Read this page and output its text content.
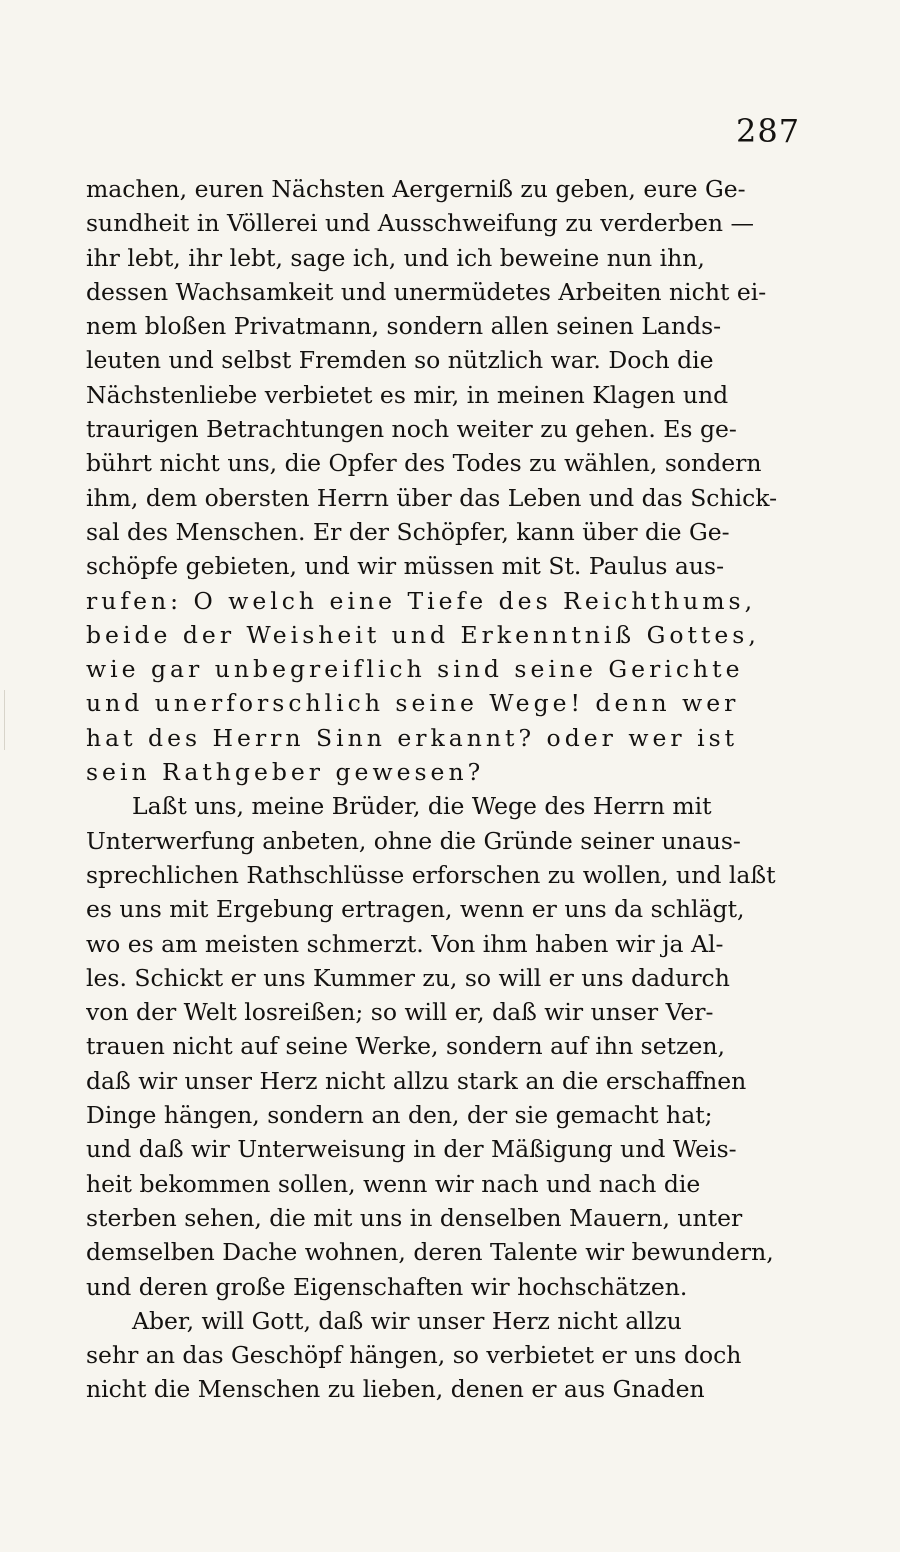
287
machen, euren Nächsten Aergerniß zu geben, eure Ge-
sundheit in Völlerei und Ausschweifung zu verderben —
ihr lebt, ihr lebt, sage ich, und ich beweine nun ihn,
dessen Wachsamkeit und unermüdetes Arbeiten nicht ei-
nem bloßen Privatmann, sondern allen seinen Lands-
leuten und selbst Fremden so nützlich war. Doch die
Nächstenliebe verbietet es mir, in meinen Klagen und
traurigen Betrachtungen noch weiter zu gehen. Es ge-
bührt nicht uns, die Opfer des Todes zu wählen, sondern
ihm, dem obersten Herrn über das Leben und das Schick-
sal des Menschen. Er der Schöpfer, kann über die Ge-
schöpfe gebieten, und wir müssen mit St. Paulus aus-
rufen: O welch eine Tiefe des Reichthums,
beide der Weisheit und Erkenntniß Gottes,
wie gar unbegreiflich sind seine Gerichte
und unerforschlich seine Wege! denn wer
hat des Herrn Sinn erkannt? oder wer ist
sein Rathgeber gewesen?
Laßt uns, meine Brüder, die Wege des Herrn mit
Unterwerfung anbeten, ohne die Gründe seiner unaus-
sprechlichen Rathschlüsse erforschen zu wollen, und laßt
es uns mit Ergebung ertragen, wenn er uns da schlägt,
wo es am meisten schmerzt. Von ihm haben wir ja Al-
les. Schickt er uns Kummer zu, so will er uns dadurch
von der Welt losreißen; so will er, daß wir unser Ver-
trauen nicht auf seine Werke, sondern auf ihn setzen,
daß wir unser Herz nicht allzu stark an die erschaffnen
Dinge hängen, sondern an den, der sie gemacht hat;
und daß wir Unterweisung in der Mäßigung und Weis-
heit bekommen sollen, wenn wir nach und nach die
sterben sehen, die mit uns in denselben Mauern, unter
demselben Dache wohnen, deren Talente wir bewundern,
und deren große Eigenschaften wir hochschätzen.
Aber, will Gott, daß wir unser Herz nicht allzu
sehr an das Geschöpf hängen, so verbietet er uns doch
nicht die Menschen zu lieben, denen er aus Gnaden
